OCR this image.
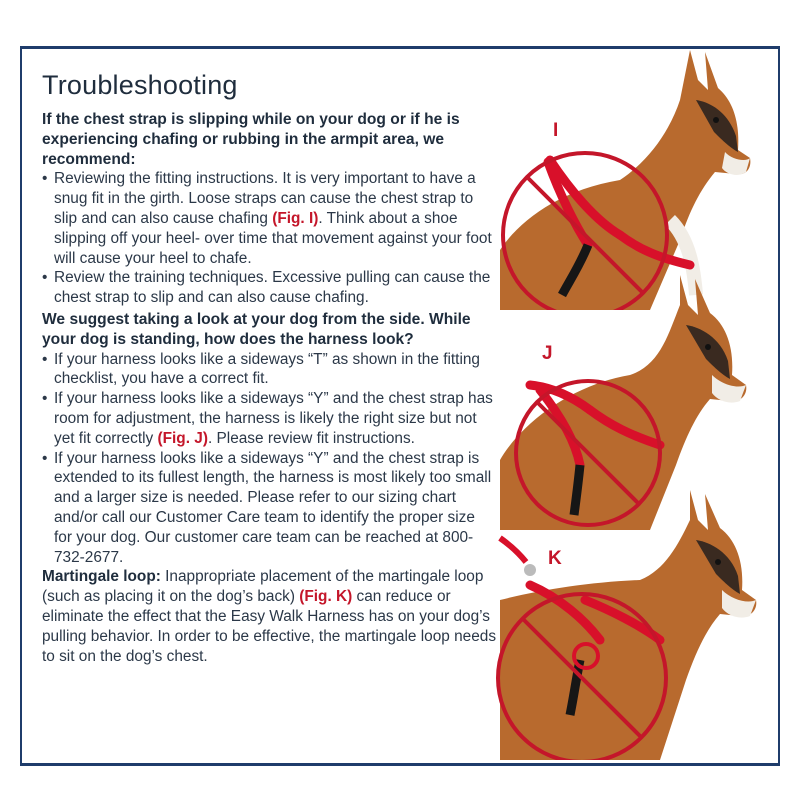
Troubleshooting

If the chest strap is slipping while on your dog or if he is experiencing chafing or rubbing in the armpit area, we recommend:

• Reviewing the fitting instructions. It is very important to have a snug fit in the girth. Loose straps can cause the chest strap to slip and can also cause chafing (Fig. I). Think about a shoe slipping off your heel- over time that movement against your foot will cause your heel to chafe.
• Review the training techniques. Excessive pulling can cause the chest strap to slip and can also cause chafing.

We suggest taking a look at your dog from the side. While your dog is standing, how does the harness look?

• If your harness looks like a sideways “T” as shown in the fitting checklist, you have a correct fit.
• If your harness looks like a sideways “Y” and the chest strap has room for adjustment, the harness is likely the right size but not yet fit correctly (Fig. J). Please review fit instructions.
• If your harness looks like a sideways “Y” and the chest strap is extended to its fullest length, the harness is most likely too small and a larger size is needed. Please refer to our sizing chart and/or call our Customer Care team to identify the proper size for your dog. Our customer care team can be reached at 800-732-2677.

Martingale loop: Inappropriate placement of the martingale loop (such as placing it on the dog’s back) (Fig. K) can reduce or eliminate the effect that the Easy Walk Harness has on your dog’s pulling behavior. In order to be effective, the martingale loop needs to sit on the dog’s chest.

I
J
K
